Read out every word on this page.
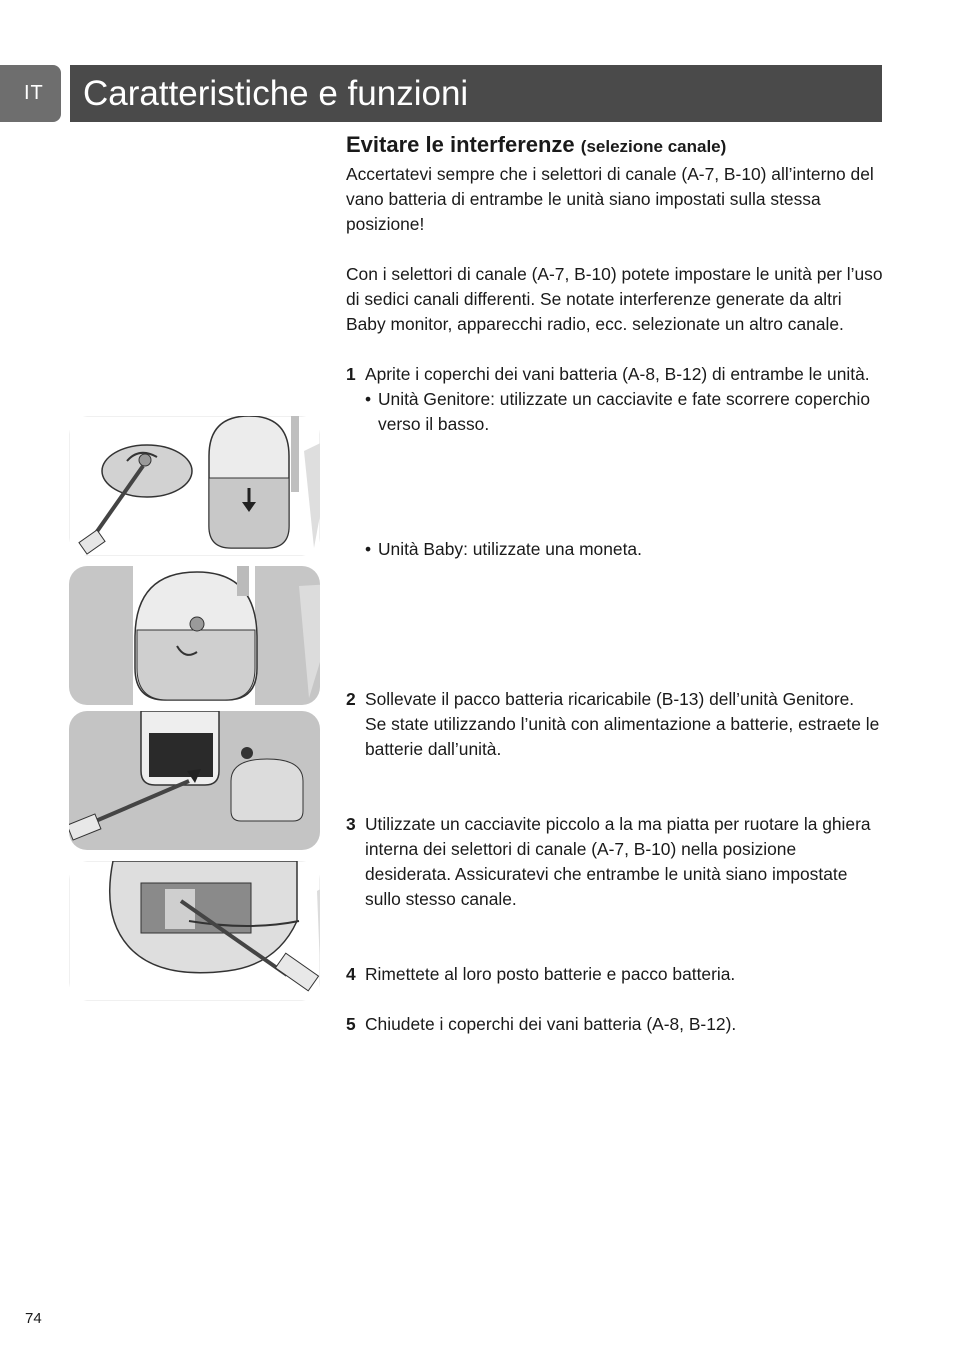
IT	Caratteristiche e funzioni
Evitare le interferenze (selezione canale)

Accertatevi sempre che i selettori di canale (A-7, B-10) all’interno del vano batteria di entrambe le unità siano impostati sulla stessa posizione!

Con i selettori di canale (A-7, B-10) potete impostare le unità per l’uso di sedici canali differenti. Se notate interferenze generate da altri Baby monitor, apparecchi radio, ecc. selezionate un altro canale.

1 Aprite i coperchi dei vani batteria (A-8, B-12) di entrambe le unità.
• Unità Genitore: utilizzate un cacciavite e fate scorrere coperchio verso il basso.
• Unità Baby: utilizzate una moneta.
2 Sollevate il pacco batteria ricaricabile (B-13) dell’unità Genitore.
Se state utilizzando l’unità con alimentazione a batterie, estraete le batterie dall’unità.
3 Utilizzate un cacciavite piccolo a la ma piatta per ruotare la ghiera interna dei selettori di canale (A-7, B-10) nella posizione desiderata. Assicuratevi che entrambe le unità siano impostate sullo stesso canale.
4 Rimettete al loro posto batterie e pacco batteria.
5 Chiudete i coperchi dei vani batteria (A-8, B-12).
74
